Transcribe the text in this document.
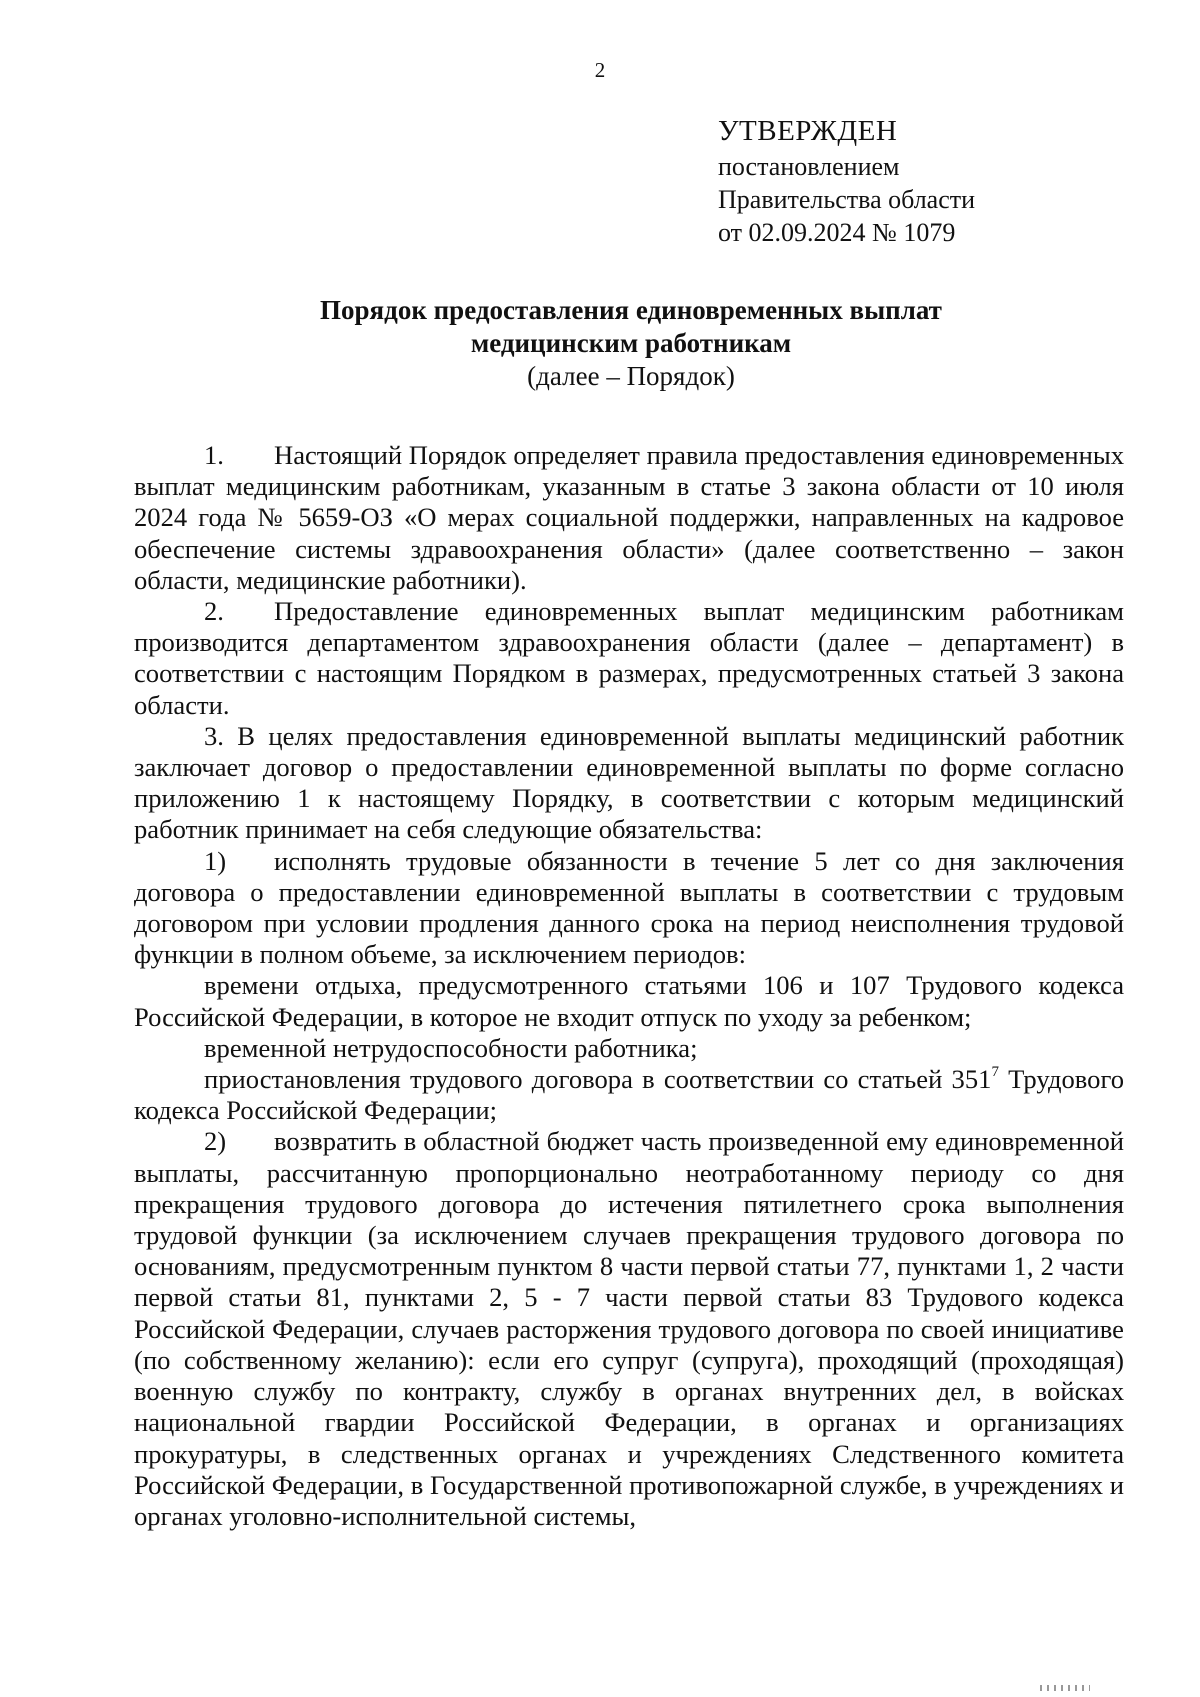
2
УТВЕРЖДЕН
постановлением
Правительства области
от 02.09.2024 № 1079
Порядок предоставления единовременных выплат
медицинским работникам
(далее – Порядок)

1. Настоящий Порядок определяет правила предоставления единовременных выплат медицинским работникам, указанным в статье 3 закона области от 10 июля 2024 года № 5659-ОЗ «О мерах социальной поддержки, направленных на кадровое обеспечение системы здравоохранения области» (далее соответственно – закон области, медицинские работники).

2. Предоставление единовременных выплат медицинским работникам производится департаментом здравоохранения области (далее – департамент) в соответствии с настоящим Порядком в размерах, предусмотренных статьей 3 закона области.

3. В целях предоставления единовременной выплаты медицинский работник заключает договор о предоставлении единовременной выплаты по форме согласно приложению 1 к настоящему Порядку, в соответствии с которым медицинский работник принимает на себя следующие обязательства:

1) исполнять трудовые обязанности в течение 5 лет со дня заключения договора о предоставлении единовременной выплаты в соответствии с трудовым договором при условии продления данного срока на период неисполнения трудовой функции в полном объеме, за исключением периодов:

времени отдыха, предусмотренного статьями 106 и 107 Трудового кодекса Российской Федерации, в которое не входит отпуск по уходу за ребенком;

временной нетрудоспособности работника;

приостановления трудового договора в соответствии со статьей $351^7$ Трудового кодекса Российской Федерации;

2) возвратить в областной бюджет часть произведенной ему единовременной выплаты, рассчитанную пропорционально неотработанному периоду со дня прекращения трудового договора до истечения пятилетнего срока выполнения трудовой функции (за исключением случаев прекращения трудового договора по основаниям, предусмотренным пунктом 8 части первой статьи 77, пунктами 1, 2 части первой статьи 81, пунктами 2, 5 - 7 части первой статьи 83 Трудового кодекса Российской Федерации, случаев расторжения трудового договора по своей инициативе (по собственному желанию): если его супруг (супруга), проходящий (проходящая) военную службу по контракту, службу в органах внутренних дел, в войсках национальной гвардии Российской Федерации, в органах и организациях прокуратуры, в следственных органах и учреждениях Следственного комитета Российской Федерации, в Государственной противопожарной службе, в учреждениях и органах уголовно-исполнительной системы,
